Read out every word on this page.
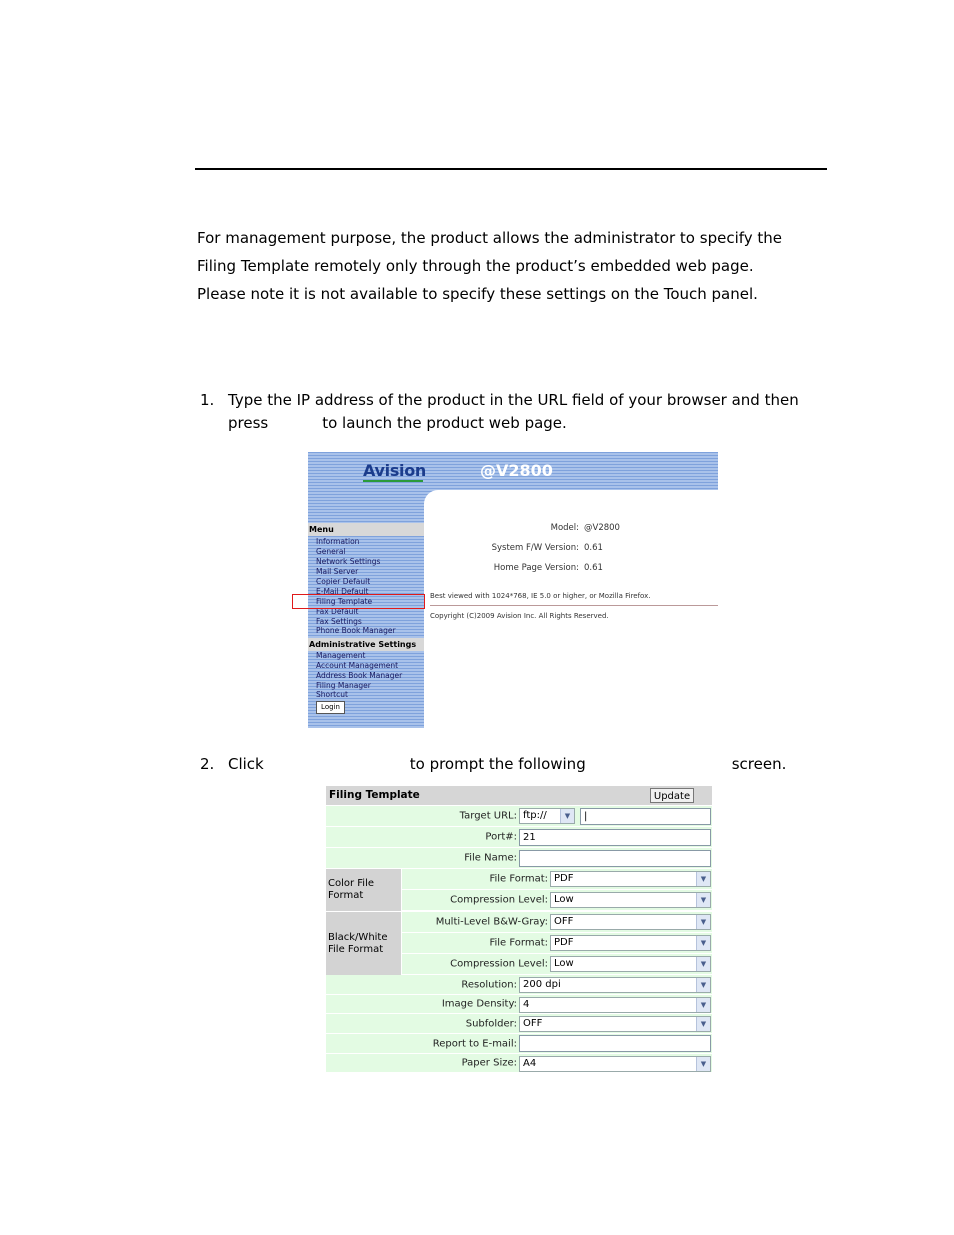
For management purpose, the product allows the administrator to specify the
Filing Template remotely only through the product’s embedded web page.
Please note it is not available to specify these settings on the Touch panel.
1. Type the IP address of the product in the URL field of your browser and then
press	to launch the product web page.
Avision	@V2800
Menu
Information
General
Network Settings
Mail Server
Copier Default
E-Mail Default
Filing Template
Fax Default
Fax Settings
Phone Book Manager
Administrative Settings
Management
Account Management
Address Book Manager
Filing Manager
Shortcut
Login
Model: @V2800
System F/W Version: 0.61
Home Page Version: 0.61
Best viewed with 1024*768, IE 5.0 or higher, or Mozilla Firefox.
Copyright (C)2009 Avision Inc. All Rights Reserved.
2. Click	to prompt the following	screen.
Filing Template	Update
Target URL: ftp://	▼	|
Port#: 21
File Name:
Color File Format
File Format: PDF	▼
Compression Level: Low	▼
Black/White File Format
Multi-Level B&W-Gray: OFF	▼
File Format: PDF	▼
Compression Level: Low	▼
Resolution: 200 dpi	▼
Image Density: 4	▼
Subfolder: OFF	▼
Report to E-mail:
Paper Size: A4	▼
